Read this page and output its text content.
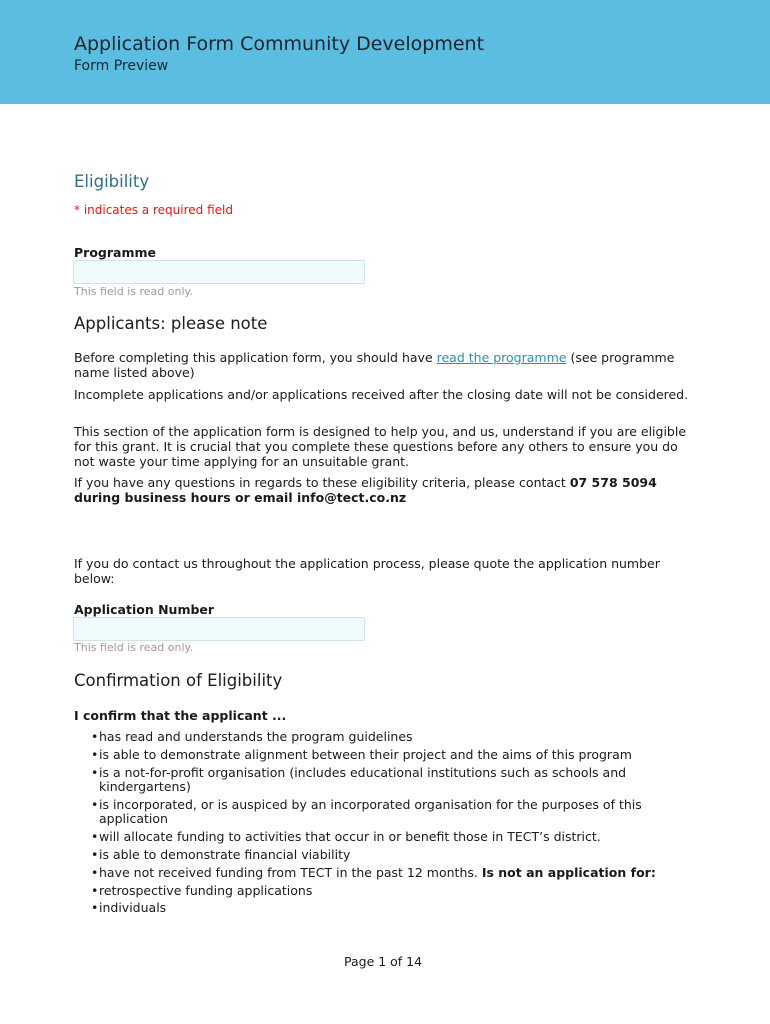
Application Form Community Development
Form Preview
Eligibility
* indicates a required field
Programme
This field is read only.
Applicants: please note
Before completing this application form, you should have read the programme (see programme name listed above)
Incomplete applications and/or applications received after the closing date will not be considered.
This section of the application form is designed to help you, and us, understand if you are eligible for this grant. It is crucial that you complete these questions before any others to ensure you do not waste your time applying for an unsuitable grant.
If you have any questions in regards to these eligibility criteria, please contact 07 578 5094 during business hours or email info@tect.co.nz
If you do contact us throughout the application process, please quote the application number below:
Application Number
This field is read only.
Confirmation of Eligibility
I confirm that the applicant ...
• has read and understands the program guidelines
• is able to demonstrate alignment between their project and the aims of this program
• is a not-for-profit organisation (includes educational institutions such as schools and kindergartens)
• is incorporated, or is auspiced by an incorporated organisation for the purposes of this application
• will allocate funding to activities that occur in or benefit those in TECT’s district.
• is able to demonstrate financial viability
• have not received funding from TECT in the past 12 months. Is not an application for:
• retrospective funding applications
• individuals
Page 1 of 14
